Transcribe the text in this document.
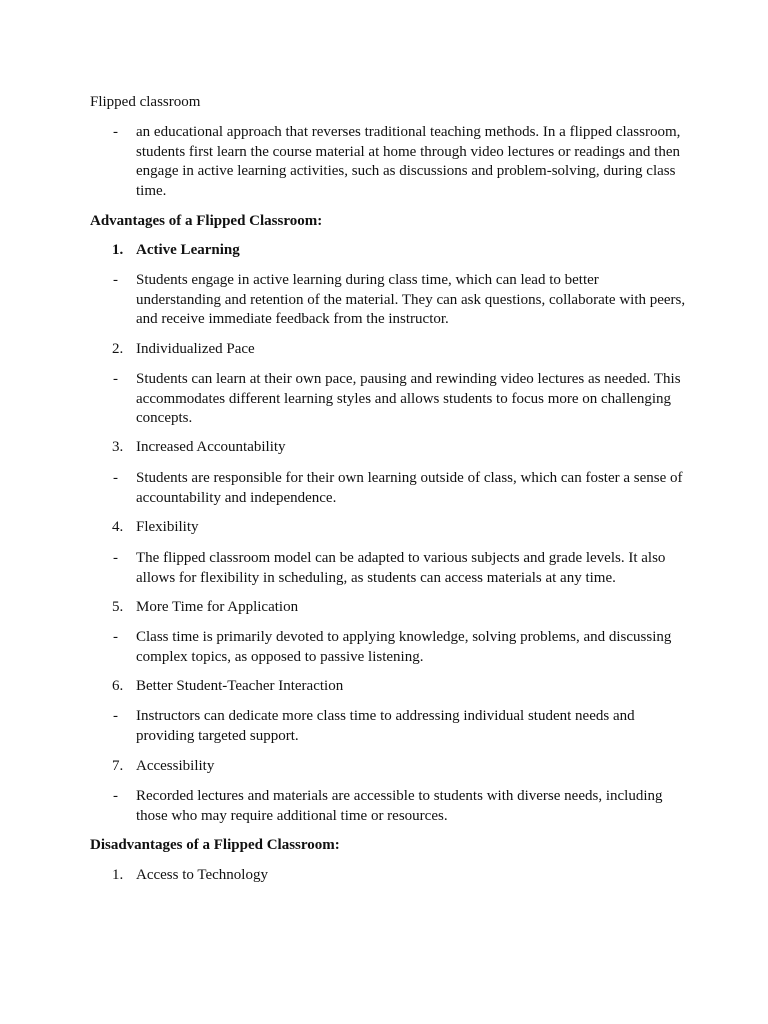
Flipped classroom
- an educational approach that reverses traditional teaching methods. In a flipped classroom, students first learn the course material at home through video lectures or readings and then engage in active learning activities, such as discussions and problem-solving, during class time.
Advantages of a Flipped Classroom:
1. Active Learning
- Students engage in active learning during class time, which can lead to better understanding and retention of the material. They can ask questions, collaborate with peers, and receive immediate feedback from the instructor.
2. Individualized Pace
- Students can learn at their own pace, pausing and rewinding video lectures as needed. This accommodates different learning styles and allows students to focus more on challenging concepts.
3. Increased Accountability
- Students are responsible for their own learning outside of class, which can foster a sense of accountability and independence.
4. Flexibility
- The flipped classroom model can be adapted to various subjects and grade levels. It also allows for flexibility in scheduling, as students can access materials at any time.
5. More Time for Application
- Class time is primarily devoted to applying knowledge, solving problems, and discussing complex topics, as opposed to passive listening.
6. Better Student-Teacher Interaction
- Instructors can dedicate more class time to addressing individual student needs and providing targeted support.
7. Accessibility
- Recorded lectures and materials are accessible to students with diverse needs, including those who may require additional time or resources.
Disadvantages of a Flipped Classroom:
1. Access to Technology
